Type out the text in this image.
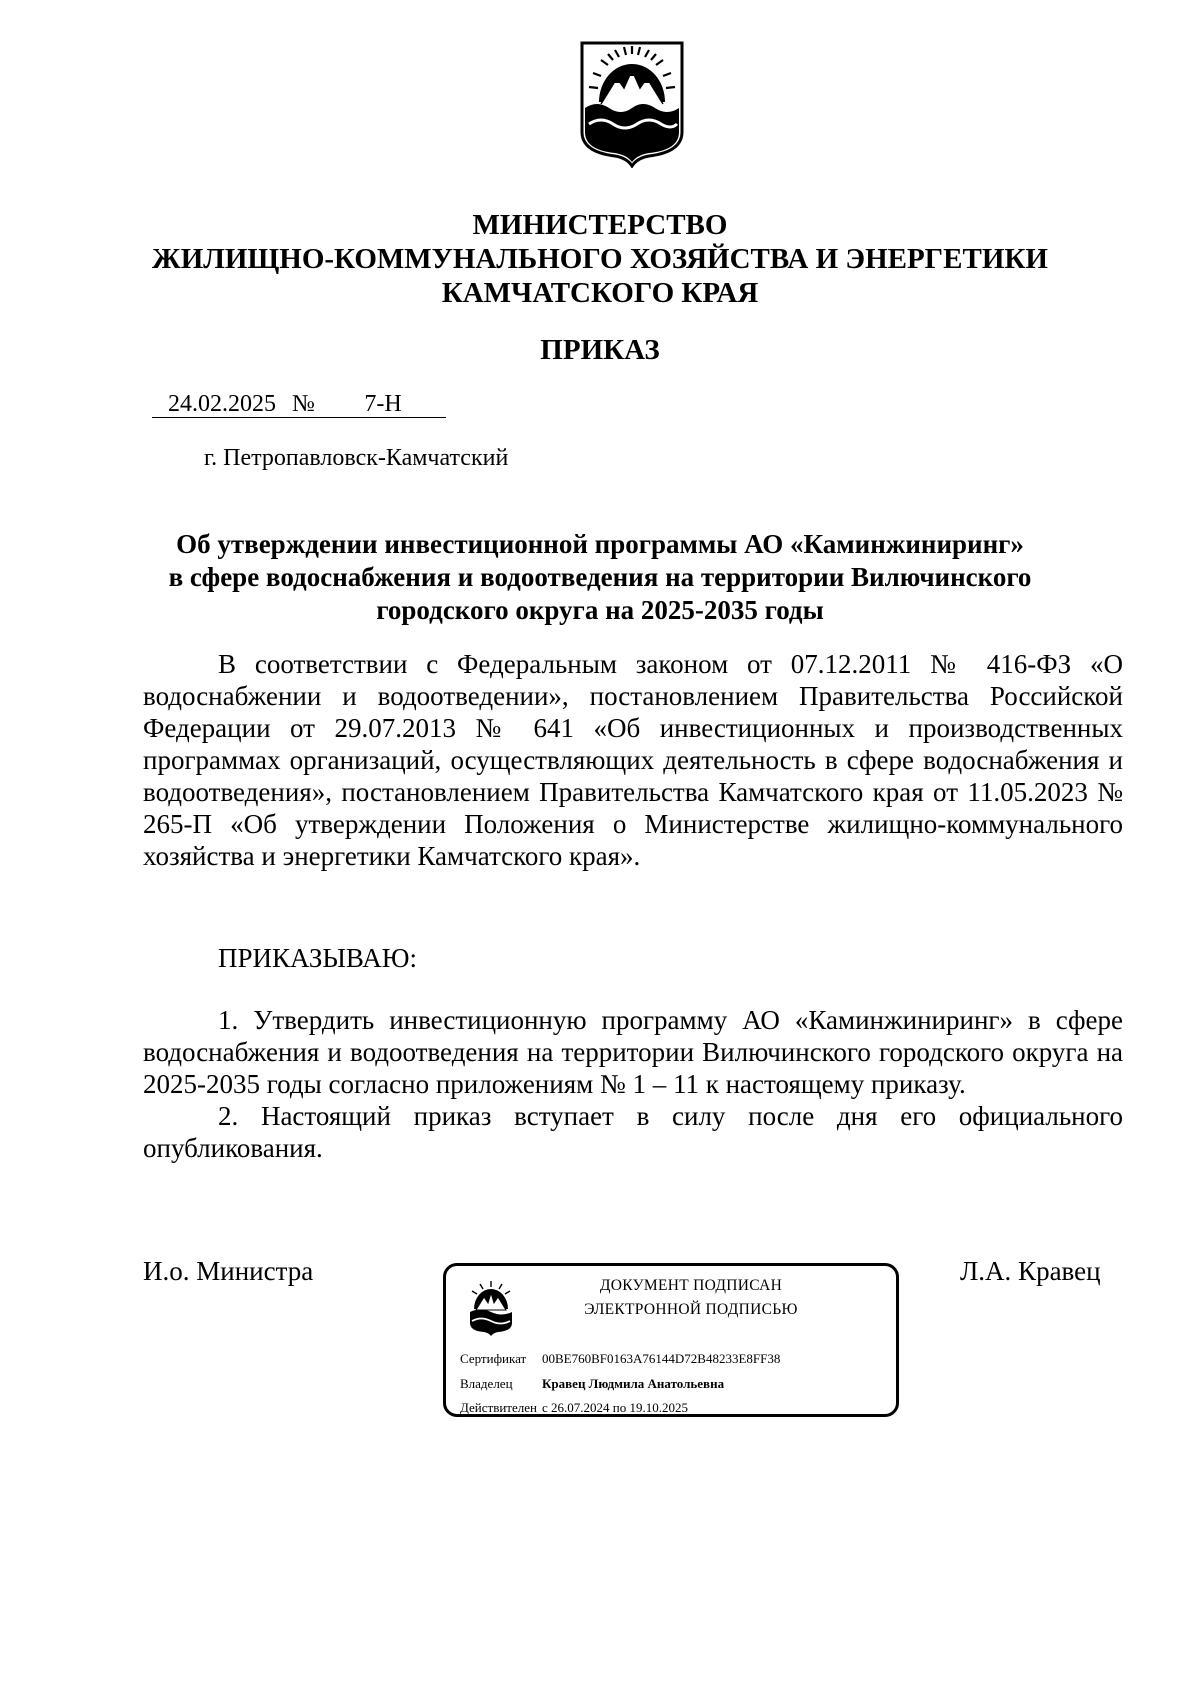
МИНИСТЕРСТВО
ЖИЛИЩНО-КОММУНАЛЬНОГО ХОЗЯЙСТВА И ЭНЕРГЕТИКИ
КАМЧАТСКОГО КРАЯ
ПРИКАЗ
24.02.2025 № 7-Н
г. Петропавловск-Камчатский
Об утверждении инвестиционной программы АО «Каминжиниринг»
в сфере водоснабжения и водоотведения на территории Вилючинского
городского округа на 2025-2035 годы
В соответствии с Федеральным законом от 07.12.2011 № 416-ФЗ «О водоснабжении и водоотведении», постановлением Правительства Российской Федерации от 29.07.2013 № 641 «Об инвестиционных и производственных программах организаций, осуществляющих деятельность в сфере водоснабжения и водоотведения», постановлением Правительства Камчатского края от 11.05.2023 № 265-П «Об утверждении Положения о Министерстве жилищно-коммунального хозяйства и энергетики Камчатского края».
ПРИКАЗЫВАЮ:
1. Утвердить инвестиционную программу АО «Каминжиниринг» в сфере водоснабжения и водоотведения на территории Вилючинского городского округа на 2025-2035 годы согласно приложениям № 1 – 11 к настоящему приказу.
2. Настоящий приказ вступает в силу после дня его официального опубликования.
И.о. Министра	Л.А. Кравец
ДОКУМЕНТ ПОДПИСАН
ЭЛЕКТРОННОЙ ПОДПИСЬЮ
Сертификат 00BE760BF0163A76144D72B48233E8FF38
Владелец Кравец Людмила Анатольевна
Действителен с 26.07.2024 по 19.10.2025
